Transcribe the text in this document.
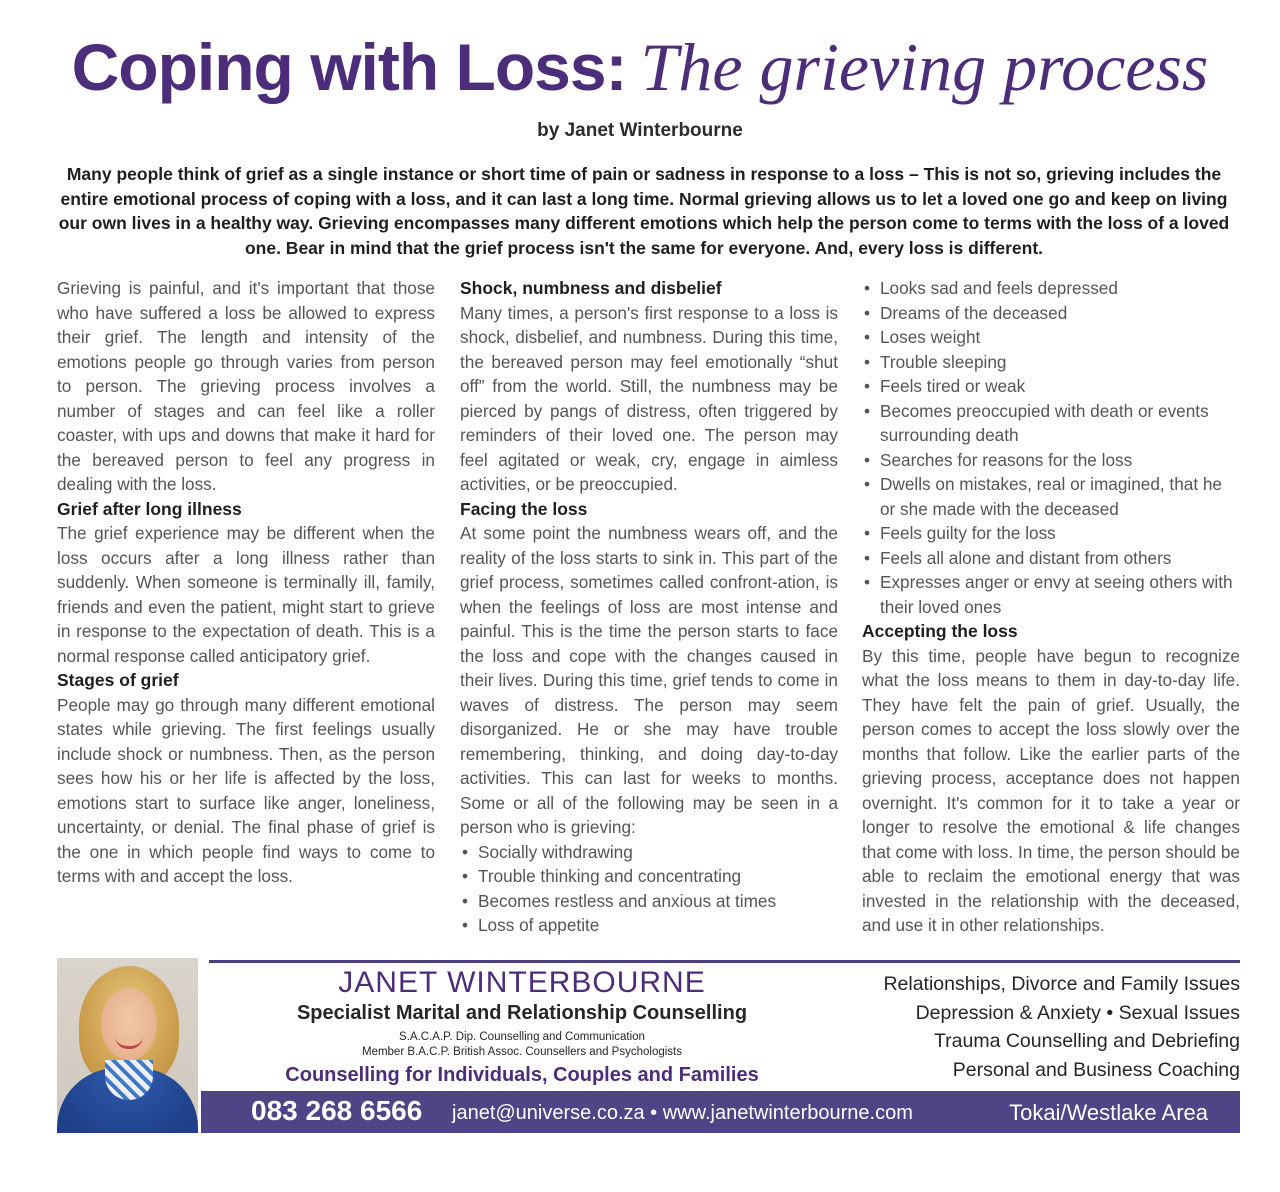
Coping with Loss: The grieving process
by Janet Winterbourne
Many people think of grief as a single instance or short time of pain or sadness in response to a loss – This is not so, grieving includes the entire emotional process of coping with a loss, and it can last a long time. Normal grieving allows us to let a loved one go and keep on living our own lives in a healthy way. Grieving encompasses many different emotions which help the person come to terms with the loss of a loved one. Bear in mind that the grief process isn't the same for everyone. And, every loss is different.

Grieving is painful, and it's important that those who have suffered a loss be allowed to express their grief. The length and intensity of the emotions people go through varies from person to person. The grieving process involves a number of stages and can feel like a roller coaster, with ups and downs that make it hard for the bereaved person to feel any progress in dealing with the loss.

Grief after long illness

The grief experience may be different when the loss occurs after a long illness rather than suddenly. When someone is terminally ill, family, friends and even the patient, might start to grieve in response to the expectation of death. This is a normal response called anticipatory grief.

Stages of grief

People may go through many different emotional states while grieving. The first feelings usually include shock or numbness. Then, as the person sees how his or her life is affected by the loss, emotions start to surface like anger, loneliness, uncertainty, or denial. The final phase of grief is the one in which people find ways to come to terms with and accept the loss.

Shock, numbness and disbelief

Many times, a person's first response to a loss is shock, disbelief, and numbness. During this time, the bereaved person may feel emotionally “shut off” from the world. Still, the numbness may be pierced by pangs of distress, often triggered by reminders of their loved one. The person may feel agitated or weak, cry, engage in aimless activities, or be preoccupied.

Facing the loss

At some point the numbness wears off, and the reality of the loss starts to sink in. This part of the grief process, sometimes called confront-ation, is when the feelings of loss are most intense and painful. This is the time the person starts to face the loss and cope with the changes caused in their lives. During this time, grief tends to come in waves of distress. The person may seem disorganized. He or she may have trouble remembering, thinking, and doing day-to-day activities. This can last for weeks to months. Some or all of the following may be seen in a person who is grieving:

• Socially withdrawing
• Trouble thinking and concentrating
• Becomes restless and anxious at times
• Loss of appetite
• Looks sad and feels depressed
• Dreams of the deceased
• Loses weight
• Trouble sleeping
• Feels tired or weak
• Becomes preoccupied with death or events surrounding death
• Searches for reasons for the loss
• Dwells on mistakes, real or imagined, that he or she made with the deceased
• Feels guilty for the loss
• Feels all alone and distant from others
• Expresses anger or envy at seeing others with their loved ones
Accepting the loss

By this time, people have begun to recognize what the loss means to them in day-to-day life. They have felt the pain of grief. Usually, the person comes to accept the loss slowly over the months that follow. Like the earlier parts of the grieving process, acceptance does not happen overnight. It's common for it to take a year or longer to resolve the emotional & life changes that come with loss. In time, the person should be able to reclaim the emotional energy that was invested in the relationship with the deceased, and use it in other relationships.

JANET WINTERBOURNE
Specialist Marital and Relationship Counselling
S.A.C.A.P. Dip. Counselling and Communication
Member B.A.C.P. British Assoc. Counsellers and Psychologists
Counselling for Individuals, Couples and Families
Relationships, Divorce and Family Issues
Depression & Anxiety • Sexual Issues
Trauma Counselling and Debriefing
Personal and Business Coaching
083 268 6566 janet@universe.co.za • www.janetwinterbourne.com	Tokai/Westlake Area
